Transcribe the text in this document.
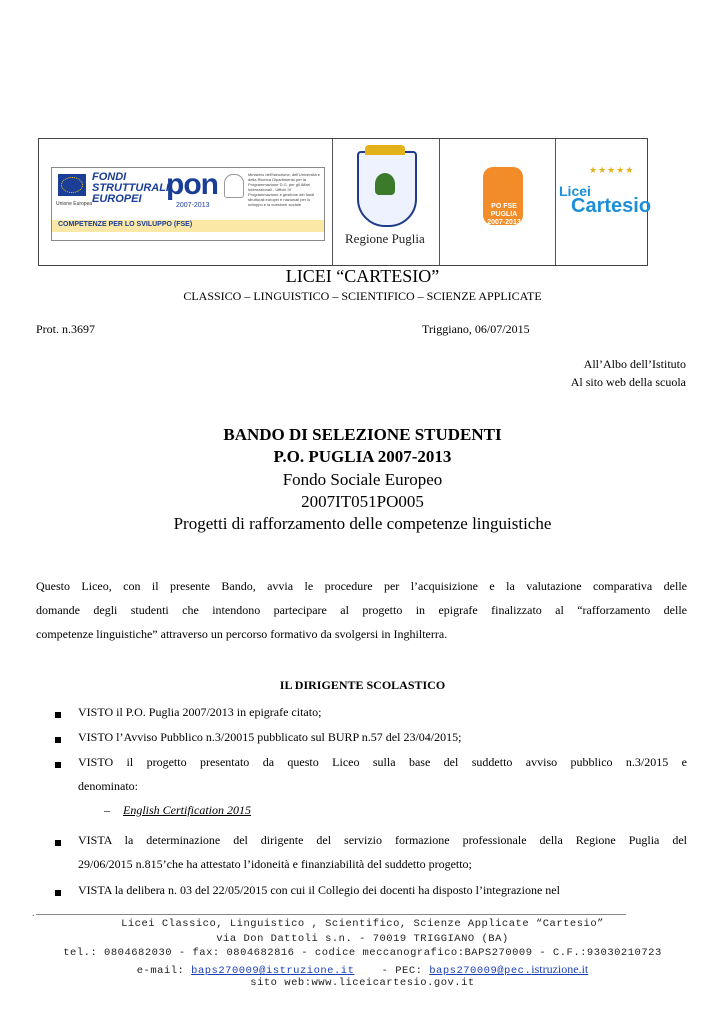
Unione Europea
FONDI STRUTTURALI EUROPEI pon
2007-2013
Ministero dell'Istruzione, dell'Università e della Ricerca Dipartimento per la Programmazione D.G. per gli Affari Internazionali - Ufficio IV Programmazione e gestione dei fondi strutturali europei e nazionali per lo sviluppo e la coesione sociale
COMPETENZE PER LO SVILUPPO (FSE)
Regione Puglia
PO FSE PUGLIA 2007-2013
★★★★★
Licei
Cartesio
LICEI “CARTESIO”
CLASSICO – LINGUISTICO – SCIENTIFICO – SCIENZE APPLICATE
Prot. n.3697	Triggiano, 06/07/2015
All’Albo dell’Istituto
Al sito web della scuola
BANDO DI SELEZIONE STUDENTI
P.O. PUGLIA 2007-2013
Fondo Sociale Europeo
2007IT051PO005
Progetti di rafforzamento delle competenze linguistiche
Questo Liceo, con il presente Bando, avvia le procedure per l’acquisizione e la valutazione comparativa delle
domande degli studenti che intendono partecipare al progetto in epigrafe finalizzato al “rafforzamento delle
competenze linguistiche” attraverso un percorso formativo da svolgersi in Inghilterra.
IL DIRIGENTE SCOLASTICO
VISTO il P.O. Puglia 2007/2013 in epigrafe citato;
VISTO l’Avviso Pubblico n.3/20015 pubblicato sul BURP n.57 del 23/04/2015;
VISTO il progetto presentato da questo Liceo sulla base del suddetto avviso pubblico n.3/2015 e
denominato:
– English Certification 2015
VISTA la determinazione del dirigente del servizio formazione professionale della Regione Puglia del
29/06/2015 n.815’che ha attestato l’idoneità e finanziabilità del suddetto progetto;
VISTA la delibera n. 03 del 22/05/2015 con cui il Collegio dei docenti ha disposto l’integrazione nel
.
Licei Classico, Linguistico , Scientifico, Scienze Applicate “Cartesio”
via Don Dattoli s.n. - 70019 TRIGGIANO (BA)
tel.: 0804682030 - fax: 0804682816 - codice meccanografico:BAPS270009 - C.F.:93030210723
e-mail: baps270009@istruzione.it	- PEC: baps270009@pec.istruzione.it
sito web:www.liceicartesio.gov.it
